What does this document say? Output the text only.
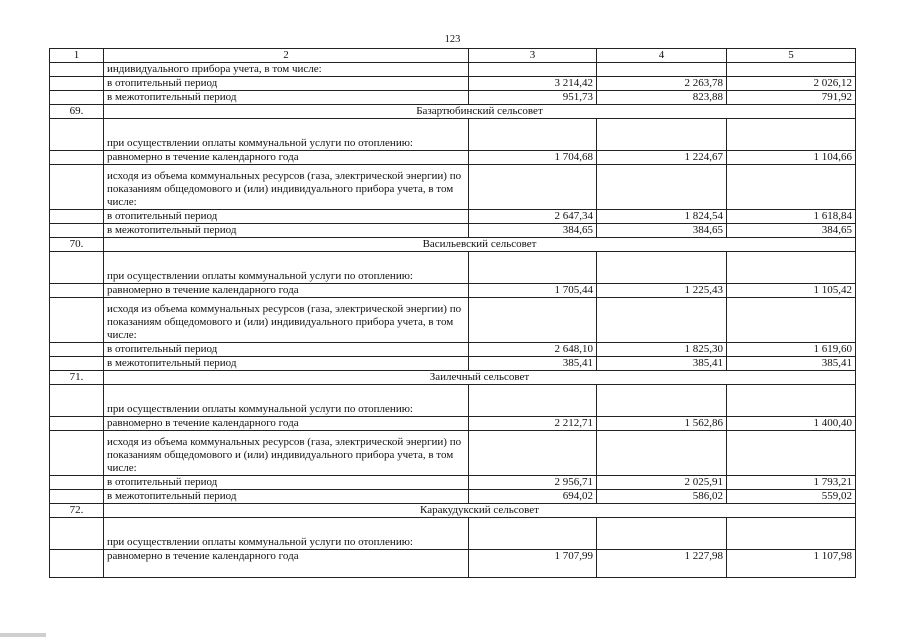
123
1	2	3	4	5
	индивидуального прибора учета, в том числе:			
	в отопительный период	3 214,42	2 263,78	2 026,12
	в межотопительный период	951,73	823,88	791,92
69.	Базартюбинский сельсовет			
	при осуществлении оплаты коммунальной услуги по отоплению:			
	равномерно в течение календарного года	1 704,68	1 224,67	1 104,66
	исходя из объема коммунальных ресурсов (газа, электрической энергии) по показаниям общедомового и (или) индивидуального прибора учета, в том числе:			
	в отопительный период	2 647,34	1 824,54	1 618,84
	в межотопительный период	384,65	384,65	384,65
70.	Васильевский сельсовет			
	при осуществлении оплаты коммунальной услуги по отоплению:			
	равномерно в течение календарного года	1 705,44	1 225,43	1 105,42
	исходя из объема коммунальных ресурсов (газа, электрической энергии) по показаниям общедомового и (или) индивидуального прибора учета, в том числе:			
	в отопительный период	2 648,10	1 825,30	1 619,60
	в межотопительный период	385,41	385,41	385,41
71.	Заилечный сельсовет			
	при осуществлении оплаты коммунальной услуги по отоплению:			
	равномерно в течение календарного года	2 212,71	1 562,86	1 400,40
	исходя из объема коммунальных ресурсов (газа, электрической энергии) по показаниям общедомового и (или) индивидуального прибора учета, в том числе:			
	в отопительный период	2 956,71	2 025,91	1 793,21
	в межотопительный период	694,02	586,02	559,02
72.	Каракудукский сельсовет			
	при осуществлении оплаты коммунальной услуги по отоплению:			
	равномерно в течение календарного года	1 707,99	1 227,98	1 107,98
